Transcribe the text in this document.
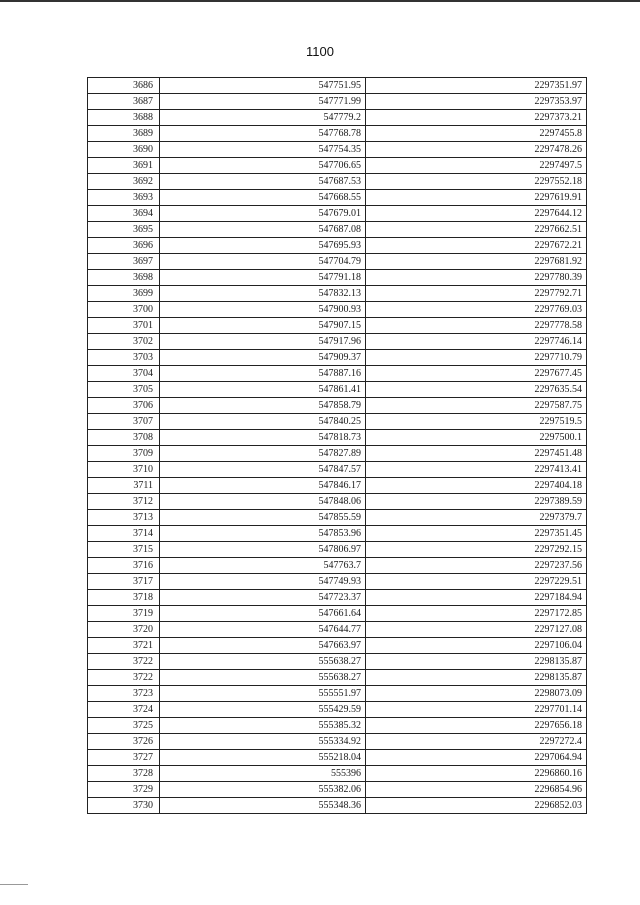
1100
3686	547751.95	2297351.97
3687	547771.99	2297353.97
3688	547779.2	2297373.21
3689	547768.78	2297455.8
3690	547754.35	2297478.26
3691	547706.65	2297497.5
3692	547687.53	2297552.18
3693	547668.55	2297619.91
3694	547679.01	2297644.12
3695	547687.08	2297662.51
3696	547695.93	2297672.21
3697	547704.79	2297681.92
3698	547791.18	2297780.39
3699	547832.13	2297792.71
3700	547900.93	2297769.03
3701	547907.15	2297778.58
3702	547917.96	2297746.14
3703	547909.37	2297710.79
3704	547887.16	2297677.45
3705	547861.41	2297635.54
3706	547858.79	2297587.75
3707	547840.25	2297519.5
3708	547818.73	2297500.1
3709	547827.89	2297451.48
3710	547847.57	2297413.41
3711	547846.17	2297404.18
3712	547848.06	2297389.59
3713	547855.59	2297379.7
3714	547853.96	2297351.45
3715	547806.97	2297292.15
3716	547763.7	2297237.56
3717	547749.93	2297229.51
3718	547723.37	2297184.94
3719	547661.64	2297172.85
3720	547644.77	2297127.08
3721	547663.97	2297106.04
3722	555638.27	2298135.87
3722	555638.27	2298135.87
3723	555551.97	2298073.09
3724	555429.59	2297701.14
3725	555385.32	2297656.18
3726	555334.92	2297272.4
3727	555218.04	2297064.94
3728	555396	2296860.16
3729	555382.06	2296854.96
3730	555348.36	2296852.03
